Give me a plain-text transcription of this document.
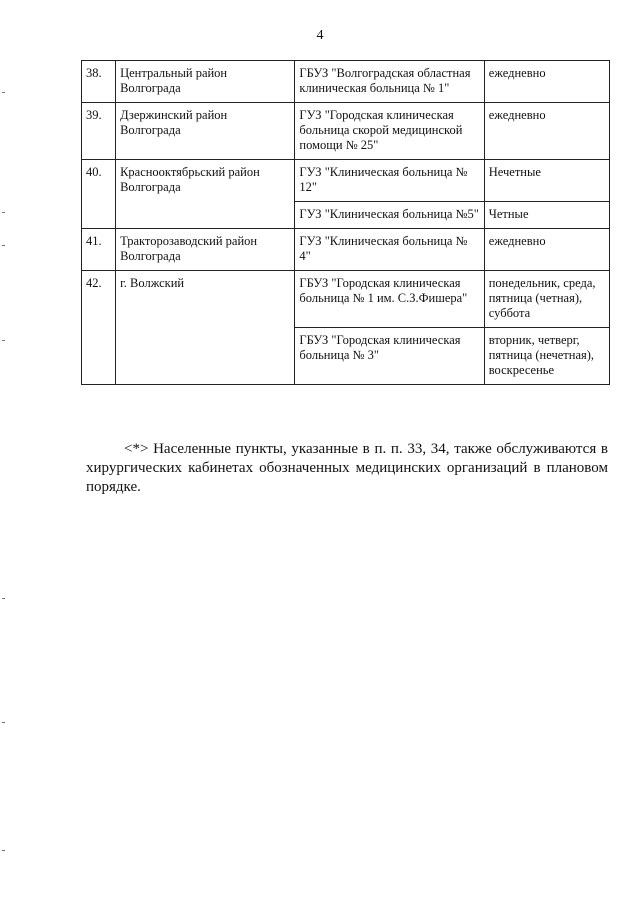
4
38.	Центральный район Волгограда	ГБУЗ "Волгоградская областная клиническая больница № 1"	ежедневно
39.	Дзержинский район Волгограда	ГУЗ "Городская клиническая больница скорой медицинской помощи № 25"	ежедневно
40.	Краснооктябрьский район Волгограда	ГУЗ "Клиническая больница № 12"	Нечетные
		ГУЗ "Клиническая больница №5"	Четные
41.	Тракторозаводский район Волгограда	ГУЗ "Клиническая больница № 4"	ежедневно
42.	г. Волжский	ГБУЗ "Городская клиническая больница № 1 им. С.З.Фишера"	понедельник, среда, пятница (четная), суббота
		ГБУЗ "Городская клиническая больница № 3"	вторник, четверг, пятница (нечетная), воскресенье

<*> Населенные пункты, указанные в п. п. 33, 34, также обслуживаются в хирургических кабинетах обозначенных медицинских организаций в плановом порядке.
